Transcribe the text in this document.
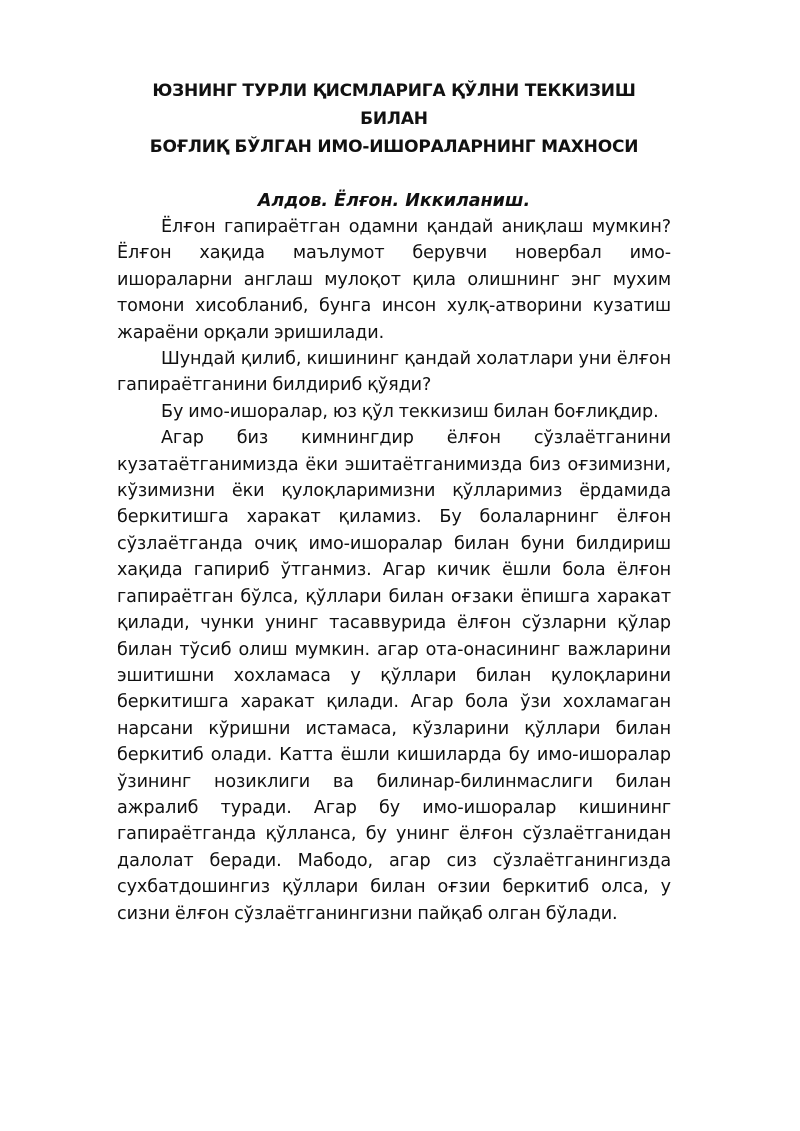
ЮЗНИНГ ТУРЛИ ҚИСМЛАРИГА ҚЎЛНИ ТЕККИЗИШ БИЛАН
БОҒЛИҚ БЎЛГАН ИМО-ИШОРАЛАРНИНГ МАХНОСИ
Алдов. Ёлғон. Иккиланиш.

Ёлғон гапираётган одамни қандай аниқлаш мумкин? Ёлғон хақида маълумот берувчи новербал имо-ишораларни англаш мулоқот қила олишнинг энг мухим томони хисобланиб, бунга инсон хулқ-атворини кузатиш жараёни орқали эришилади.

Шундай қилиб, кишининг қандай холатлари уни ёлғон гапираётганини билдириб қўяди?

Бу имо-ишоралар, юз қўл теккизиш билан боғлиқдир.

Агар биз кимнингдир ёлғон сўзлаётганини кузатаётганимизда ёки эшитаётганимизда биз оғзимизни, кўзимизни ёки қулоқларимизни қўлларимиз ёрдамида беркитишга харакат қиламиз. Бу болаларнинг ёлғон сўзлаётганда очиқ имо-ишоралар билан буни билдириш хақида гапириб ўтганмиз. Агар кичик ёшли бола ёлғон гапираётган бўлса, қўллари билан оғзаки ёпишга харакат қилади, чунки унинг тасаввурида ёлғон сўзларни қўлар билан тўсиб олиш мумкин. агар ота-онасининг важларини эшитишни хохламаса у қўллари билан қулоқларини беркитишга харакат қилади. Агар бола ўзи хохламаган нарсани кўришни истамаса, кўзларини қўллари билан беркитиб олади. Катта ёшли кишиларда бу имо-ишоралар ўзининг нозиклиги ва билинар-билинмаслиги билан ажралиб туради. Агар бу имо-ишоралар кишининг гапираётганда қўлланса, бу унинг ёлғон сўзлаётганидан далолат беради. Мабодо, агар сиз сўзлаётганингизда сухбатдошингиз қўллари билан оғзии беркитиб олса, у сизни ёлғон сўзлаётганингизни пайқаб олган бўлади.
